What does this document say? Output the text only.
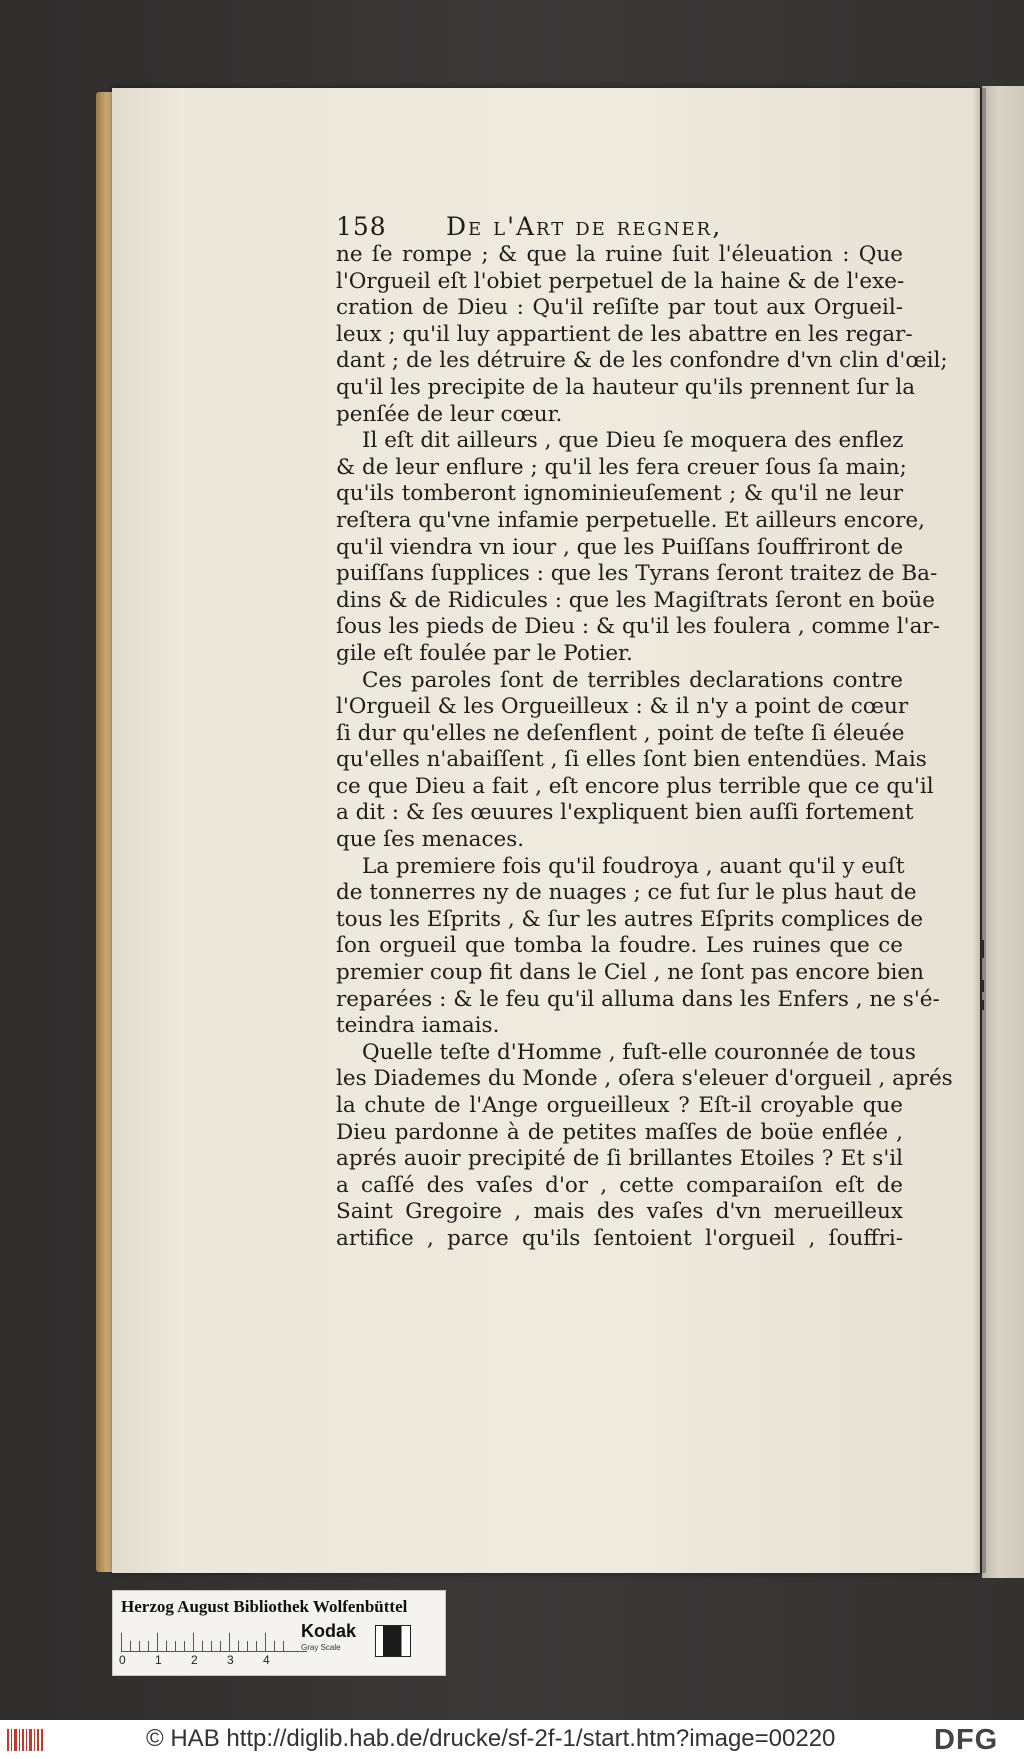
158 De l'Art de regner,
ne ſe rompe ; & que la ruine ſuit l'éleuation : Que
l'Orgueil eſt l'obiet perpetuel de la haine & de l'exe-
cration de Dieu : Qu'il reſiſte par tout aux Orgueil-
leux ; qu'il luy appartient de les abattre en les regar-
dant ; de les détruire & de les confondre d'vn clin d'œil;
qu'il les precipite de la hauteur qu'ils prennent ſur la
penſée de leur cœur.
Il eſt dit ailleurs , que Dieu ſe moquera des enflez
& de leur enflure ; qu'il les fera creuer ſous ſa main;
qu'ils tomberont ignominieuſement ; & qu'il ne leur
reſtera qu'vne infamie perpetuelle. Et ailleurs encore,
qu'il viendra vn iour , que les Puiſſans ſouffriront de
puiſſans ſupplices : que les Tyrans ſeront traitez de Ba-
dins & de Ridicules : que les Magiſtrats ſeront en boüe
ſous les pieds de Dieu : & qu'il les foulera , comme l'ar-
gile eſt foulée par le Potier.
Ces paroles ſont de terribles declarations contre
l'Orgueil & les Orgueilleux : & il n'y a point de cœur
ſi dur qu'elles ne deſenflent , point de teſte ſi éleuée
qu'elles n'abaiſſent , ſi elles ſont bien entendües. Mais
ce que Dieu a fait , eſt encore plus terrible que ce qu'il
a dit : & ſes œuures l'expliquent bien auſſi fortement
que ſes menaces.
La premiere fois qu'il foudroya , auant qu'il y euſt
de tonnerres ny de nuages ; ce fut ſur le plus haut de
tous les Eſprits , & ſur les autres Eſprits complices de
ſon orgueil que tomba la foudre. Les ruines que ce
premier coup fit dans le Ciel , ne ſont pas encore bien
reparées : & le feu qu'il alluma dans les Enfers , ne s'é-
teindra iamais.
Quelle teſte d'Homme , fuſt-elle couronnée de tous
les Diademes du Monde , oſera s'eleuer d'orgueil , aprés
la chute de l'Ange orgueilleux ? Eſt-il croyable que
Dieu pardonne à de petites maſſes de boüe enflée ,
aprés auoir precipité de ſi brillantes Etoiles ? Et s'il
a caſſé des vaſes d'or , cette comparaiſon eſt de
Saint Gregoire , mais des vaſes d'vn merueilleux
artifice , parce qu'ils ſentoient l'orgueil , ſouffri-
Herzog August Bibliothek Wolfenbüttel
0 1 2 3 4
Kodak
Gray Scale
© HAB http://diglib.hab.de/drucke/sf-2f-1/start.htm?image=00220	DFG
